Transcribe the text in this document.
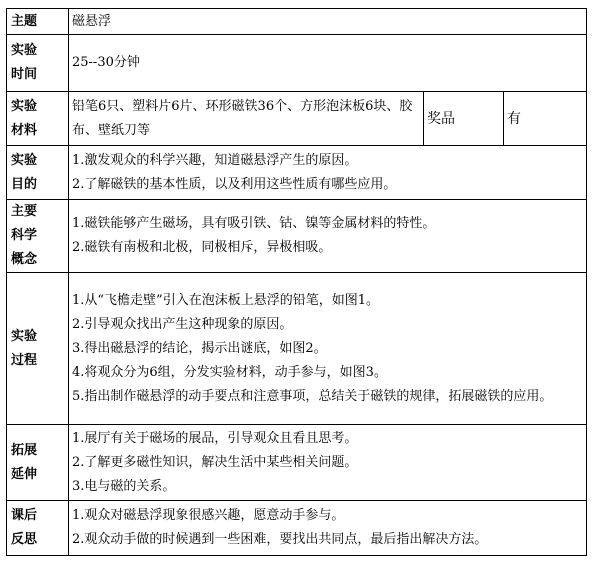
主题	磁悬浮		

实验
时间	25--30分钟		

实验
材料	铅笔6只、塑料片6片、环形磁铁36个、方形泡沫板6块、胶布、壁纸刀等	奖品	有

实验
目的	1.激发观众的科学兴趣，知道磁悬浮产生的原因。
2.了解磁铁的基本性质，以及利用这些性质有哪些应用。		

主要
科学
概念	1.磁铁能够产生磁场，具有吸引铁、钴、镍等金属材料的特性。
2.磁铁有南极和北极，同极相斥，异极相吸。		

实验
过程	1.从“飞檐走壁”引入在泡沫板上悬浮的铅笔，如图1。
2.引导观众找出产生这种现象的原因。
3.得出磁悬浮的结论，揭示出谜底，如图2。
4.将观众分为6组，分发实验材料，动手参与，如图3。
5.指出制作磁悬浮的动手要点和注意事项，总结关于磁铁的规律，拓展磁铁的应用。		

拓展
延伸	1.展厅有关于磁场的展品，引导观众且看且思考。
2.了解更多磁性知识，解决生活中某些相关问题。
3.电与磁的关系。		

课后
反思	1.观众对磁悬浮现象很感兴趣，愿意动手参与。
2.观众动手做的时候遇到一些困难，要找出共同点，最后指出解决方法。		
